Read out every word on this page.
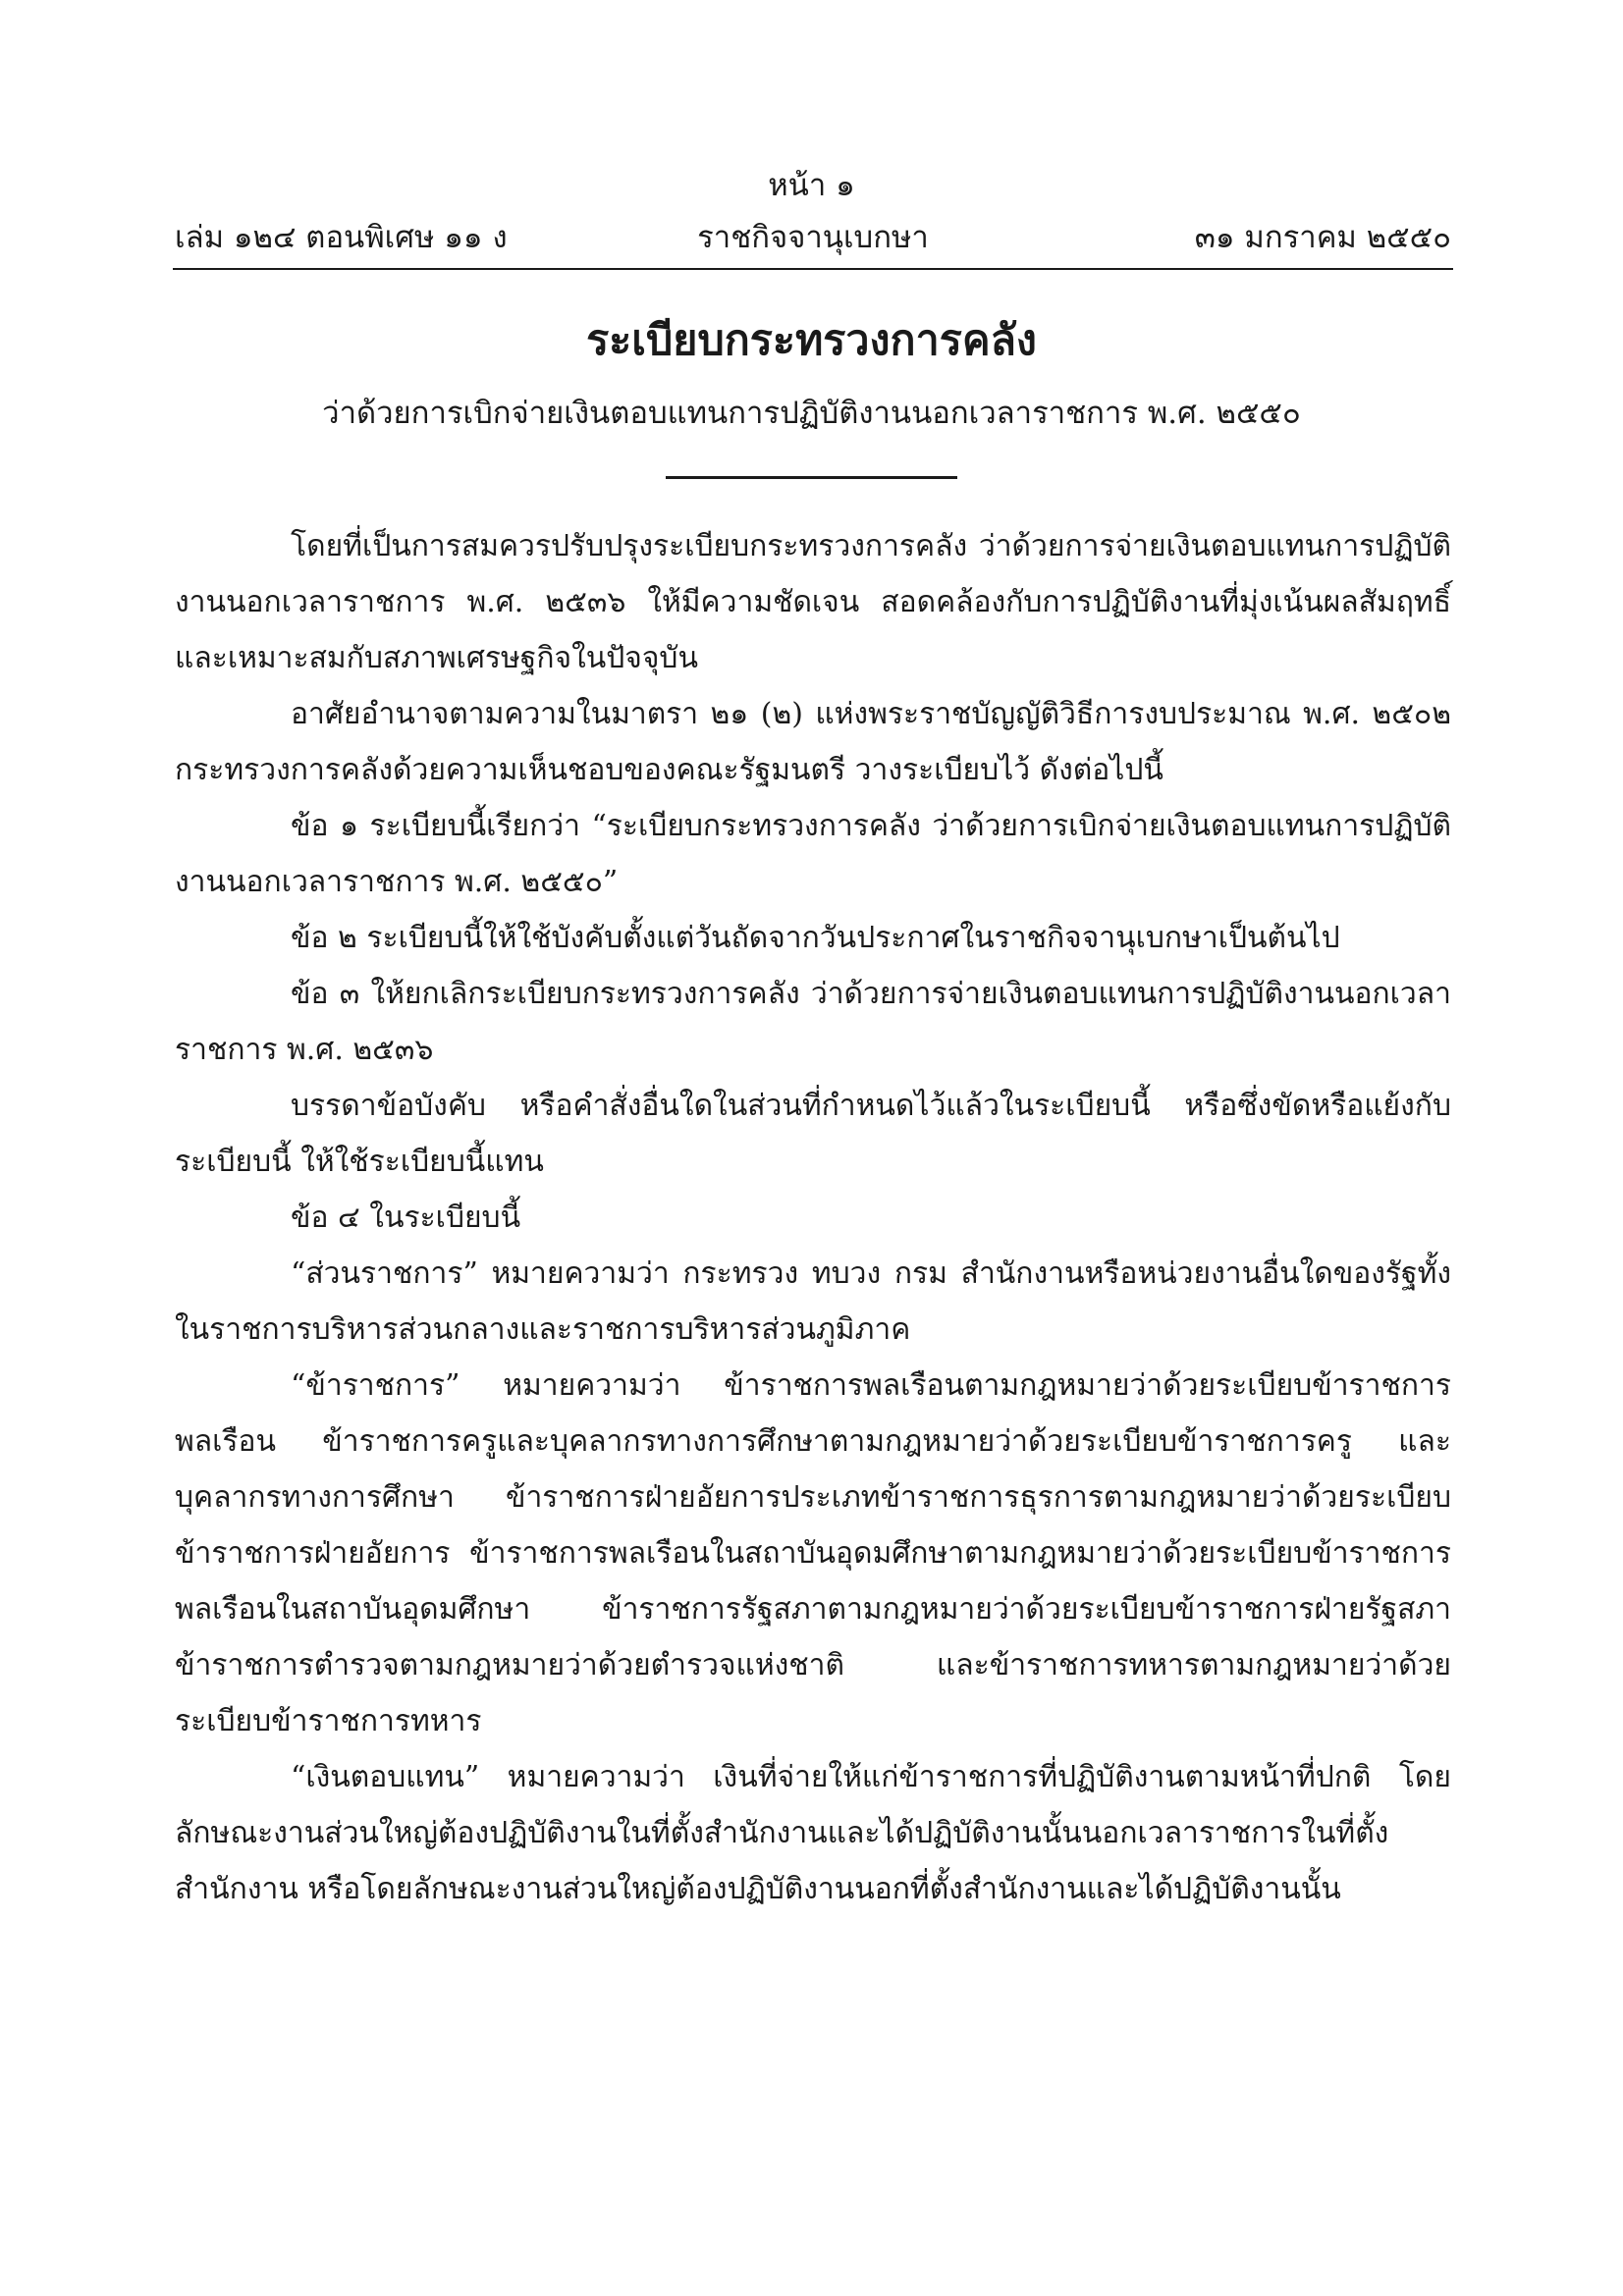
หน้า ๑
เล่ม ๑๒๔ ตอนพิเศษ ๑๑ ง	ราชกิจจานุเบกษา	๓๑ มกราคม ๒๕๕๐
ระเบียบกระทรวงการคลัง
ว่าด้วยการเบิกจ่ายเงินตอบแทนการปฏิบัติงานนอกเวลาราชการ พ.ศ. ๒๕๕๐

โดยที่เป็นการสมควรปรับปรุงระเบียบกระทรวงการคลัง ว่าด้วยการจ่ายเงินตอบแทนการปฏิบัติงานนอกเวลาราชการ พ.ศ. ๒๕๓๖ ให้มีความชัดเจน สอดคล้องกับการปฏิบัติงานที่มุ่งเน้นผลสัมฤทธิ์ และเหมาะสมกับสภาพเศรษฐกิจในปัจจุบัน

อาศัยอำนาจตามความในมาตรา ๒๑ (๒) แห่งพระราชบัญญัติวิธีการงบประมาณ พ.ศ. ๒๕๐๒ กระทรวงการคลังด้วยความเห็นชอบของคณะรัฐมนตรี วางระเบียบไว้ ดังต่อไปนี้

ข้อ ๑ ระเบียบนี้เรียกว่า “ระเบียบกระทรวงการคลัง ว่าด้วยการเบิกจ่ายเงินตอบแทนการปฏิบัติงานนอกเวลาราชการ พ.ศ. ๒๕๕๐”

ข้อ ๒ ระเบียบนี้ให้ใช้บังคับตั้งแต่วันถัดจากวันประกาศในราชกิจจานุเบกษาเป็นต้นไป

ข้อ ๓ ให้ยกเลิกระเบียบกระทรวงการคลัง ว่าด้วยการจ่ายเงินตอบแทนการปฏิบัติงานนอกเวลาราชการ พ.ศ. ๒๕๓๖

บรรดาข้อบังคับ หรือคำสั่งอื่นใดในส่วนที่กำหนดไว้แล้วในระเบียบนี้ หรือซึ่งขัดหรือแย้งกับระเบียบนี้ ให้ใช้ระเบียบนี้แทน

ข้อ ๔ ในระเบียบนี้

“ส่วนราชการ” หมายความว่า กระทรวง ทบวง กรม สำนักงานหรือหน่วยงานอื่นใดของรัฐทั้งในราชการบริหารส่วนกลางและราชการบริหารส่วนภูมิภาค

“ข้าราชการ” หมายความว่า ข้าราชการพลเรือนตามกฎหมายว่าด้วยระเบียบข้าราชการพลเรือน ข้าราชการครูและบุคลากรทางการศึกษาตามกฎหมายว่าด้วยระเบียบข้าราชการครู และบุคลากรทางการศึกษา ข้าราชการฝ่ายอัยการประเภทข้าราชการธุรการตามกฎหมายว่าด้วยระเบียบข้าราชการฝ่ายอัยการ ข้าราชการพลเรือนในสถาบันอุดมศึกษาตามกฎหมายว่าด้วยระเบียบข้าราชการพลเรือนในสถาบันอุดมศึกษา ข้าราชการรัฐสภาตามกฎหมายว่าด้วยระเบียบข้าราชการฝ่ายรัฐสภา ข้าราชการตำรวจตามกฎหมายว่าด้วยตำรวจแห่งชาติ และข้าราชการทหารตามกฎหมายว่าด้วยระเบียบข้าราชการทหาร

“เงินตอบแทน” หมายความว่า เงินที่จ่ายให้แก่ข้าราชการที่ปฏิบัติงานตามหน้าที่ปกติ โดยลักษณะงานส่วนใหญ่ต้องปฏิบัติงานในที่ตั้งสำนักงานและได้ปฏิบัติงานนั้นนอกเวลาราชการในที่ตั้งสำนักงาน หรือโดยลักษณะงานส่วนใหญ่ต้องปฏิบัติงานนอกที่ตั้งสำนักงานและได้ปฏิบัติงานนั้น
